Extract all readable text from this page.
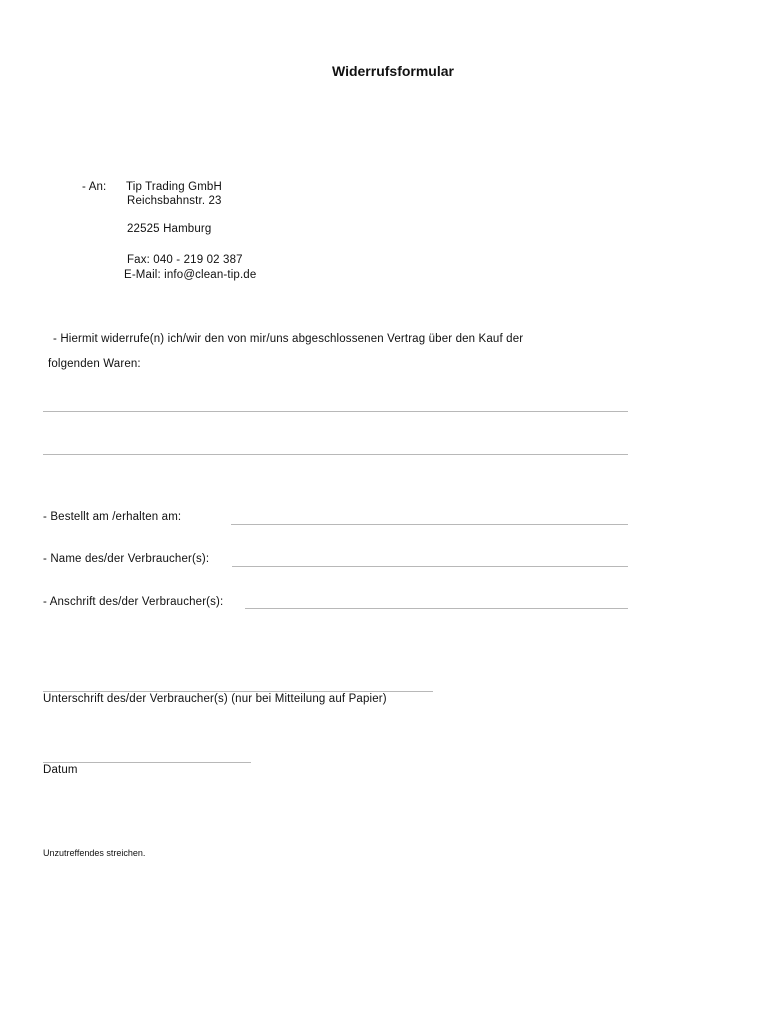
Widerrufsformular
- An: Tip Trading GmbH
Reichsbahnstr. 23
22525 Hamburg
Fax: 040 - 219 02 387
E-Mail: info@clean-tip.de
- Hiermit widerrufe(n) ich/wir den von mir/uns abgeschlossenen Vertrag über den Kauf der
folgenden Waren:
- Bestellt am /erhalten am:
- Name des/der Verbraucher(s):
- Anschrift des/der Verbraucher(s):
Unterschrift des/der Verbraucher(s) (nur bei Mitteilung auf Papier)
Datum
Unzutreffendes streichen.
